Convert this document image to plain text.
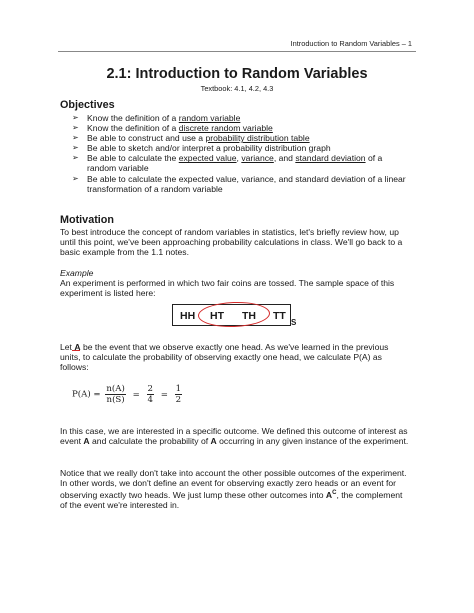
Introduction to Random Variables – 1
2.1: Introduction to Random Variables
Textbook: 4.1, 4.2, 4.3
Objectives
➢ Know the definition of a random variable
➢ Know the definition of a discrete random variable
➢ Be able to construct and use a probability distribution table
➢ Be able to sketch and/or interpret a probability distribution graph
➢ Be able to calculate the expected value, variance, and standard deviation of a random variable
➢ Be able to calculate the expected value, variance, and standard deviation of a linear transformation of a random variable
Motivation
To best introduce the concept of random variables in statistics, let's briefly review how, up until this point, we've been approaching probability calculations in class. We'll go back to a basic example from the 1.1 notes.
Example
An experiment is performed in which two fair coins are tossed. The sample space of this experiment is listed here:
HH HT TH TT
S
Let A be the event that we observe exactly one head. As we've learned in the previous units, to calculate the probability of observing exactly one head, we calculate P(A) as follows:
$P(A) = \frac{n(A)}{n(S)} = \frac{2}{4} = \frac{1}{2}$
In this case, we are interested in a specific outcome. We defined this outcome of interest as event A and calculate the probability of A occurring in any given instance of the experiment.
Notice that we really don't take into account the other possible outcomes of the experiment. In other words, we don't define an event for observing exactly zero heads or an event for observing exactly two heads. We just lump these other outcomes into $A^C$, the complement of the event we're interested in.
